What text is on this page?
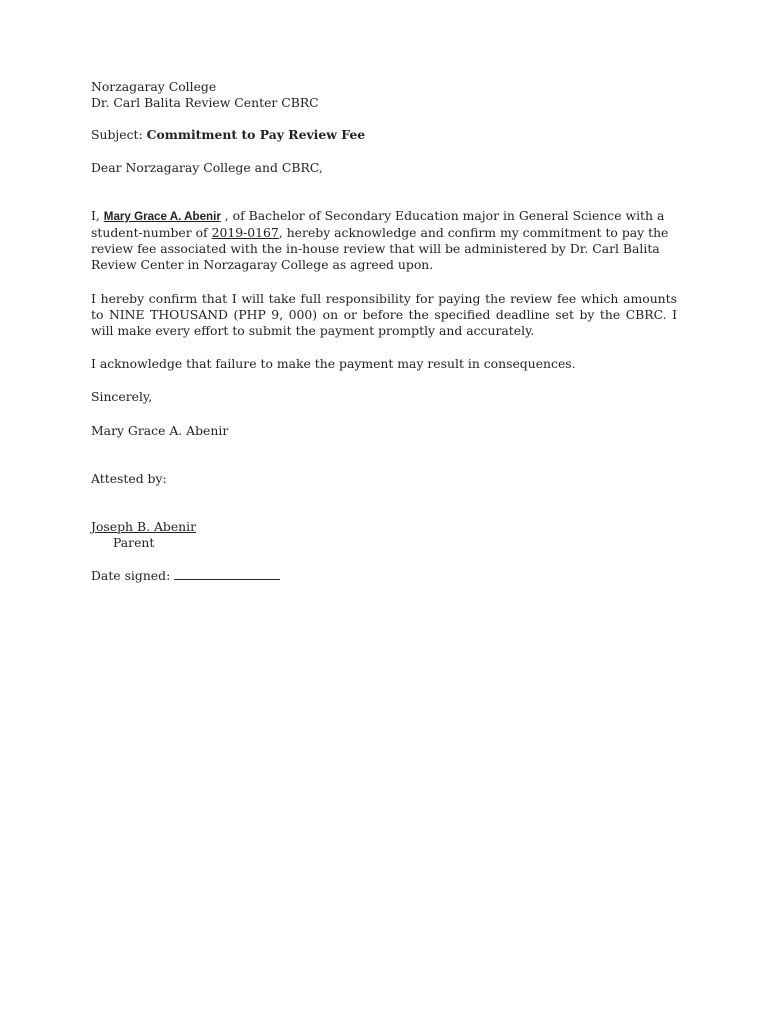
Norzagaray College
Dr. Carl Balita Review Center CBRC
Subject: Commitment to Pay Review Fee
Dear Norzagaray College and CBRC,
I, Mary Grace A. Abenir , of Bachelor of Secondary Education major in General Science with a
student-number of 2019-0167, hereby acknowledge and confirm my commitment to pay the
review fee associated with the in-house review that will be administered by Dr. Carl Balita
Review Center in Norzagaray College as agreed upon.

I hereby confirm that I will take full responsibility for paying the review fee which amounts to NINE THOUSAND (PHP 9, 000) on or before the specified deadline set by the CBRC. I will make every effort to submit the payment promptly and accurately.

I acknowledge that failure to make the payment may result in consequences.
Sincerely,
Mary Grace A. Abenir
Attested by:
Joseph B. Abenir
Parent
Date signed:
